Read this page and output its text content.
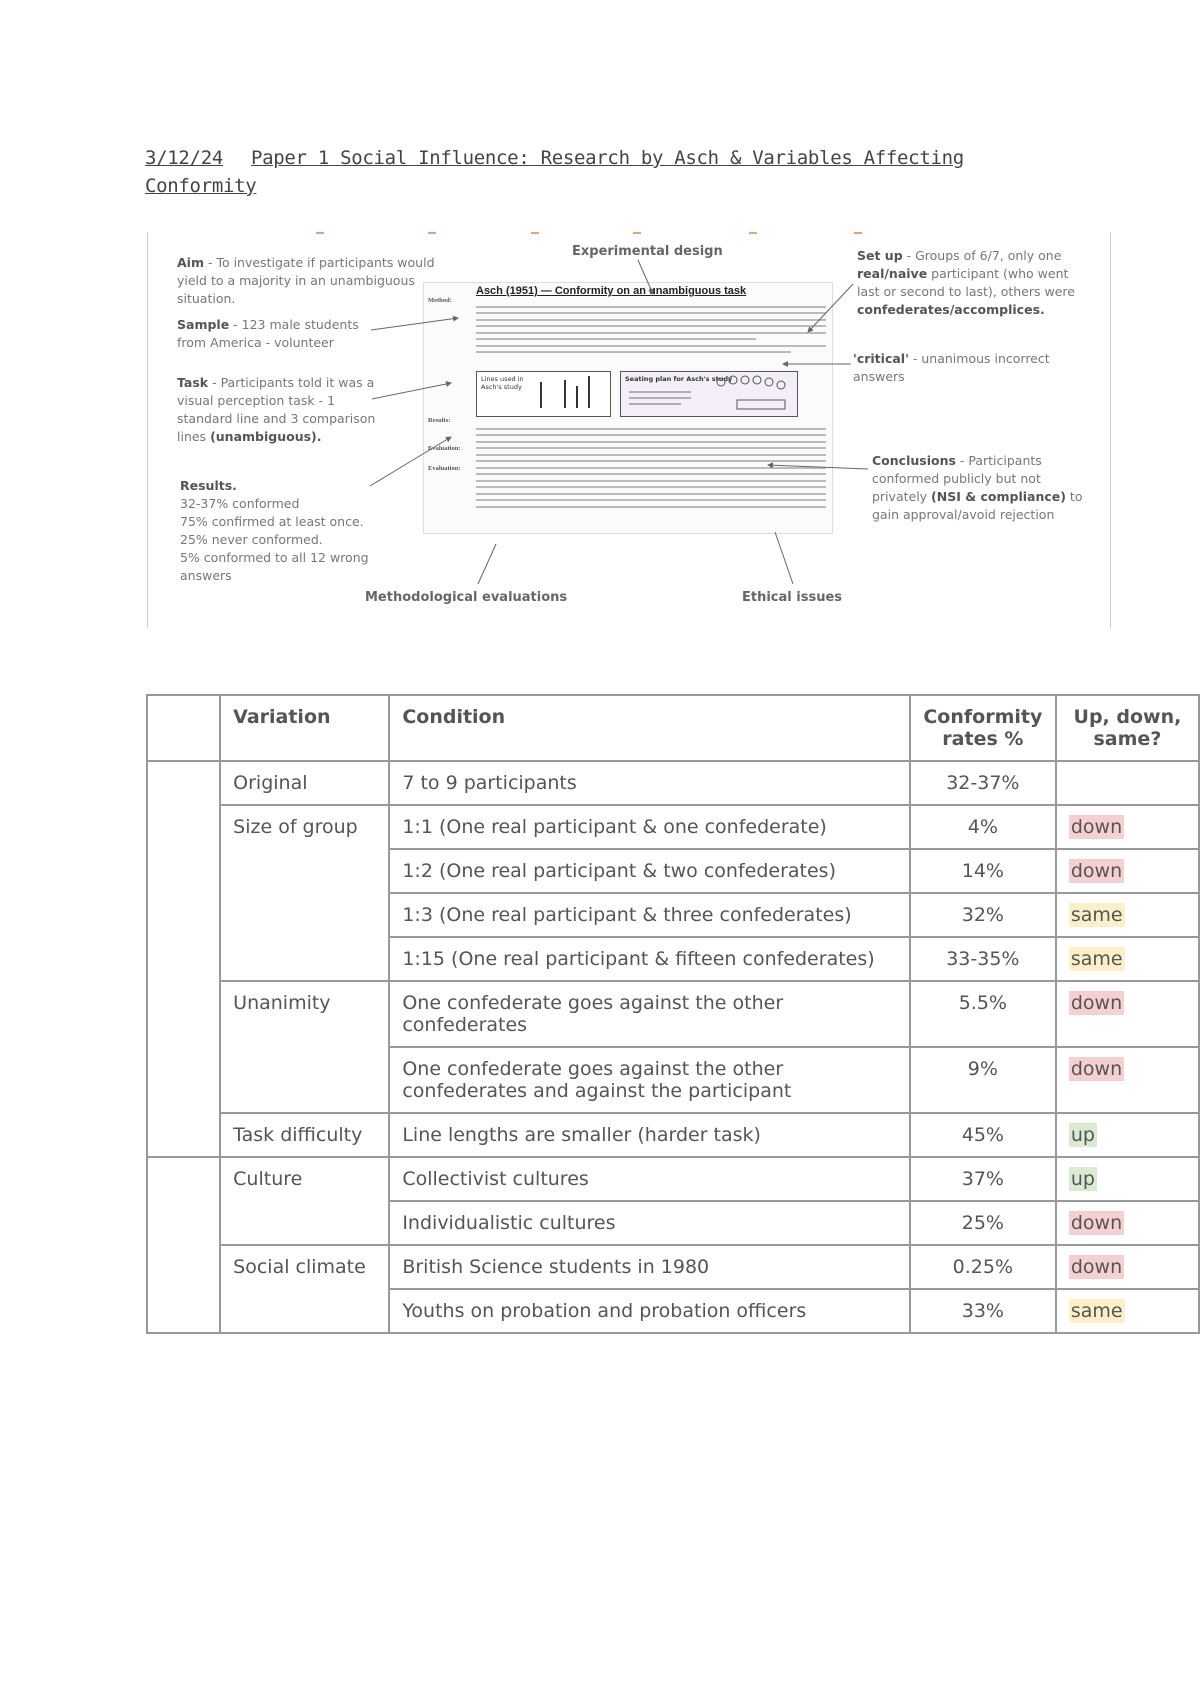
3/12/24 Paper 1 Social Influence: Research by Asch & Variables Affecting Conformity
Aim - To investigate if participants would yield to a majority in an unambiguous situation.
Sample - 123 male students from America - volunteer
Task - Participants told it was a visual perception task - 1 standard line and 3 comparison lines (unambiguous).
Results.
32-37% conformed
75% confirmed at least once.
25% never conformed.
5% conformed to all 12 wrong answers
Experimental design	Set up - Groups of 6/7, only one real/naive participant (who went last or second to last), others were confederates/accomplices.
'critical' - unanimous incorrect answers
Conclusions - Participants conformed publicly but not privately (NSI & compliance) to gain approval/avoid rejection
Methodological evaluations	Ethical issues
Asch (1951) — Conformity on an unambiguous task
Method:
Results:
Evaluation:
Evaluation:
Lines used in Asch's study
Seating plan for Asch's study
	Variation	Condition	Conformity rates %	Up, down, same?
	Original	7 to 9 participants	32-37%	
	Size of group	1:1 (One real participant & one confederate)	4%	down
		1:2 (One real participant & two confederates)	14%	down
		1:3 (One real participant & three confederates)	32%	same
		1:15 (One real participant & fifteen confederates)	33-35%	same
	Unanimity	One confederate goes against the other confederates	5.5%	down
		One confederate goes against the other confederates and against the participant	9%	down
	Task difficulty	Line lengths are smaller (harder task)	45%	up
	Culture	Collectivist cultures	37%	up
		Individualistic cultures	25%	down
	Social climate	British Science students in 1980	0.25%	down
		Youths on probation and probation officers	33%	same
